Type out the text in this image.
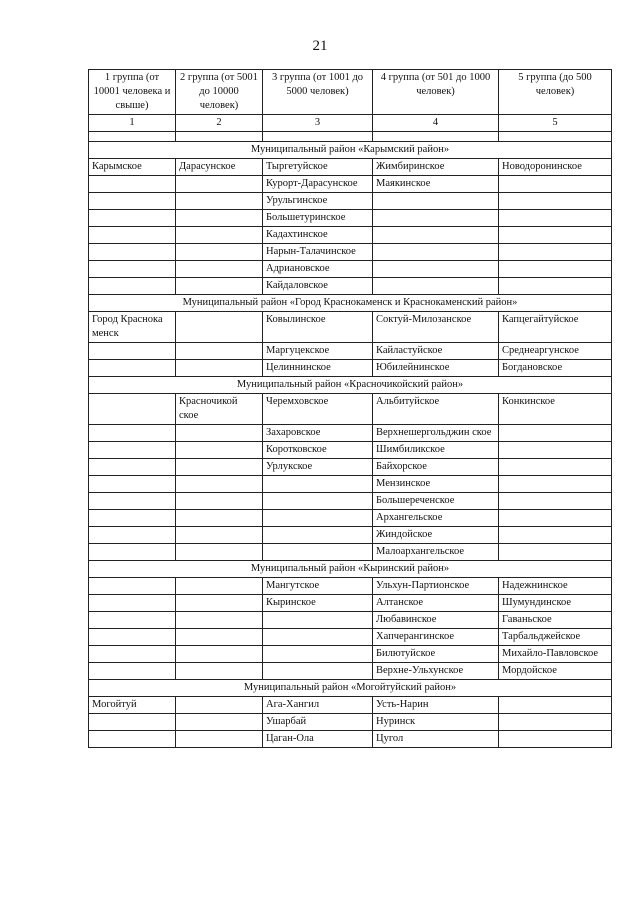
21
1 группа (от 10001 человека и свыше)	2 группа (от 5001 до 10000 человек)	3 группа (от 1001 до 5000 человек)	4 группа (от 501 до 1000 человек)	5 группа (до 500 человек)
1	2	3	4	5

Муниципальный район «Карымский район»				
Карымское	Дарасунское	Тыргетуйское	Жимбиринское	Новодоронинское
		Курорт-Дарасунское	Маякинское	
		Урульгинское		
		Большетуринское		
		Кадахтинское		
		Нарын-Талачинское		
		Адриановское		
		Кайдаловское		
Муниципальный район «Город Краснокаменск и Краснокаменский район»				
Город Краснока менск		Ковылинское	Соктуй-Милозанское	Капцегайтуйское
		Маргуцекское	Кайластуйское	Среднеаргунское
		Целиннинское	Юбилейнинское	Богдановское
Муниципальный район «Красночикойский район»				
	Красночикой ское	Черемховское	Альбитуйское	Конкинское
		Захаровское	Верхнешергольджин ское	
		Коротковское	Шимбиликское	
		Урлукское	Байхорское	
			Мензинское	
			Большереченское	
			Архангельское	
			Жиндойское	
			Малоархангельское	
Муниципальный район «Кыринский район»				
		Мангутское	Ульхун-Партионское	Надежнинское
		Кыринское	Алтанское	Шумундинское
			Любавинское	Гаваньское
			Хапчерангинское	Тарбальджейское
			Билютуйское	Михайло-Павловское
			Верхне-Ульхунское	Мордойское
Муниципальный район «Могойтуйский район»				
Могойтуй		Ага-Хангил	Усть-Нарин	
		Ушарбай	Нуринск	
		Цаган-Ола	Цугол	
